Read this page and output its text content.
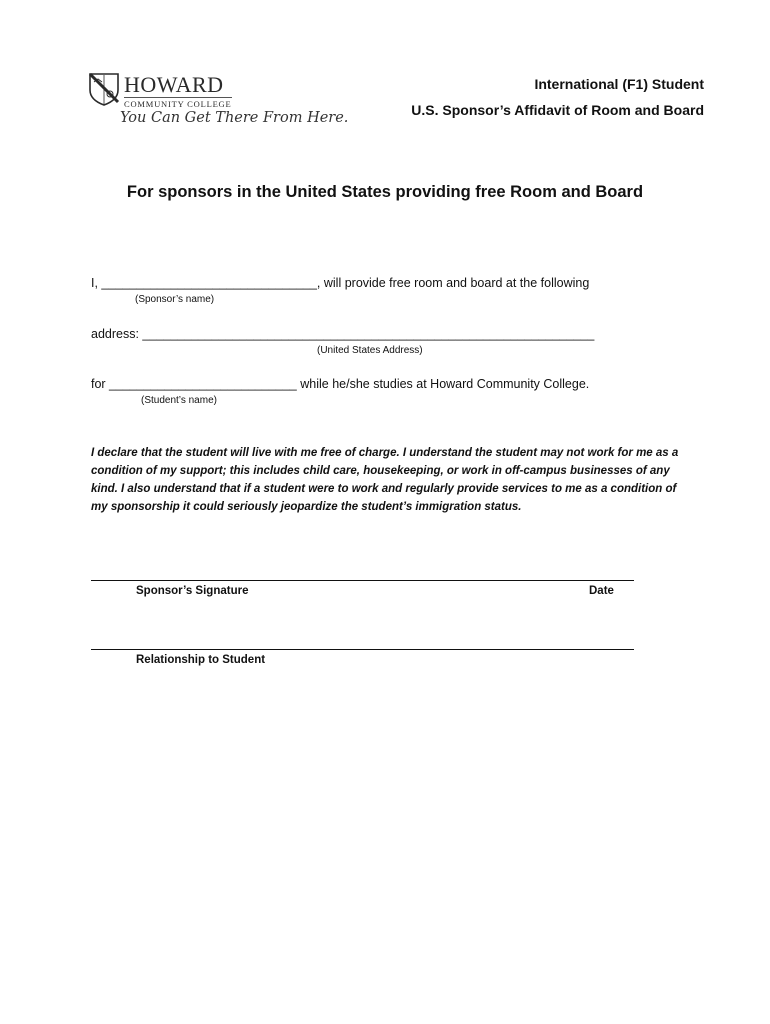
HOWARD
COMMUNITY COLLEGE
You Can Get There From Here.
International (F1) Student
U.S. Sponsor’s Affidavit of Room and Board
For sponsors in the United States providing free Room and Board
I, _______________________________, will provide free room and board at the following
(Sponsor’s name)
address: _________________________________________________________________
(United States Address)
for ___________________________ while he/she studies at Howard Community College.
(Student’s name)
I declare that the student will live with me free of charge. I understand the student may not work for me as a condition of my support; this includes child care, housekeeping, or work in off-campus businesses of any kind. I also understand that if a student were to work and regularly provide services to me as a condition of my sponsorship it could seriously jeopardize the student’s immigration status.
Sponsor’s Signature	Date
Relationship to Student
